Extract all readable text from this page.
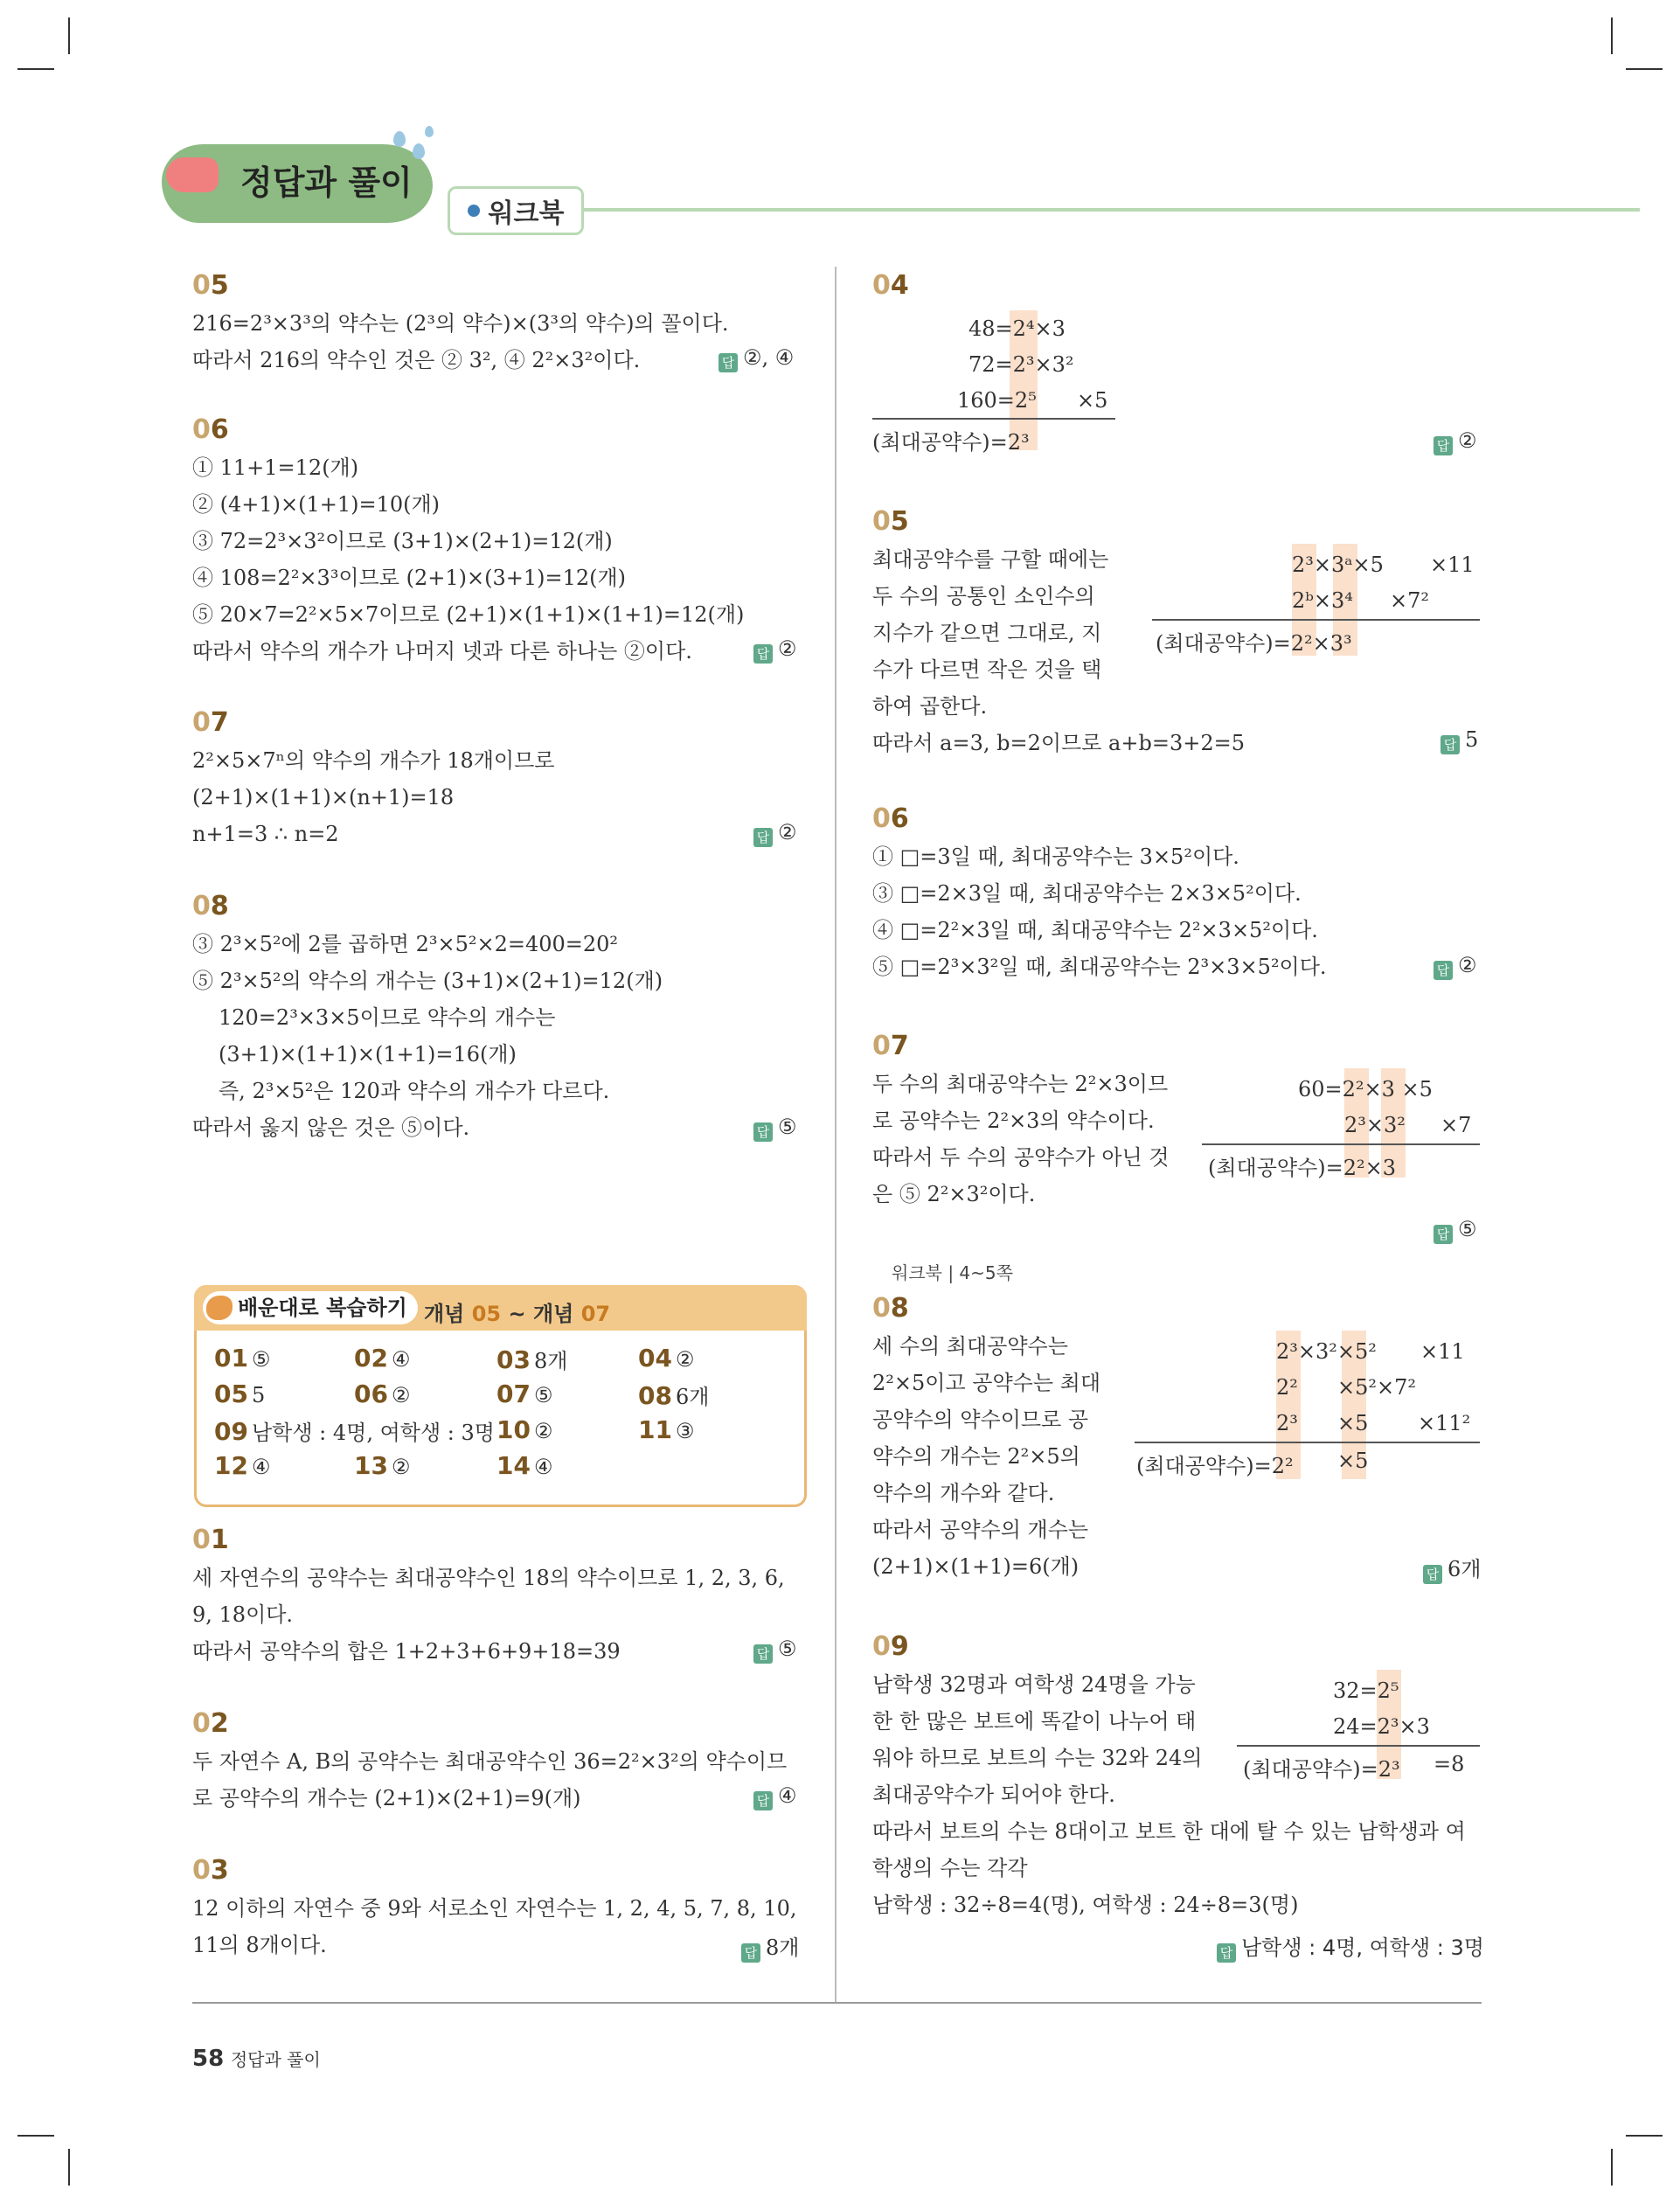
정답과 풀이
워크북
05
216=2³×3³의 약수는 (2³의 약수)×(3³의 약수)의 꼴이다.
따라서 216의 약수인 것은 ② 3², ④ 2²×3²이다.	답 ②, ④
06
① 11+1=12(개)
② (4+1)×(1+1)=10(개)
③ 72=2³×3²이므로 (3+1)×(2+1)=12(개)
④ 108=2²×3³이므로 (2+1)×(3+1)=12(개)
⑤ 20×7=2²×5×7이므로 (2+1)×(1+1)×(1+1)=12(개)
따라서 약수의 개수가 나머지 넷과 다른 하나는 ②이다.	답 ②
07
2²×5×7ⁿ의 약수의 개수가 18개이므로
(2+1)×(1+1)×(n+1)=18
n+1=3 ∴ n=2	답 ②
08
③ 2³×5²에 2를 곱하면 2³×5²×2=400=20²
⑤ 2³×5²의 약수의 개수는 (3+1)×(2+1)=12(개)
120=2³×3×5이므로 약수의 개수는
(3+1)×(1+1)×(1+1)=16(개)
즉, 2³×5²은 120과 약수의 개수가 다르다.
따라서 옳지 않은 것은 ⑤이다.	답 ⑤
워크북 | 4~5쪽
배운대로 복습하기 개념 05 ~ 개념 07
01 ⑤	02 ④	03 8개	04 ②
05 5	06 ②	07 ⑤	08 6개
09 남학생 : 4명, 여학생 : 3명 10 ②	11 ③
12 ④	13 ②	14 ④
01
세 자연수의 공약수는 최대공약수인 18의 약수이므로 1, 2, 3, 6,
9, 18이다.
따라서 공약수의 합은 1+2+3+6+9+18=39	답 ⑤
02
두 자연수 A, B의 공약수는 최대공약수인 36=2²×3²의 약수이므
로 공약수의 개수는 (2+1)×(2+1)=9(개)	답 ④
03
12 이하의 자연수 중 9와 서로소인 자연수는 1, 2, 4, 5, 7, 8, 10,
11의 8개이다.	답 8개
04
48=2⁴×3
72=2³×3²
160=2⁵ ×5
(최대공약수)=2³	답 ②
05
최대공약수를 구할 때에는
두 수의 공통인 소인수의
지수가 같으면 그대로, 지
수가 다르면 작은 것을 택
하여 곱한다.
따라서 a=3, b=2이므로 a+b=3+2=5
2³×3ᵃ×5 ×11
2ᵇ×3⁴ ×7²
(최대공약수)=2²×3³
답 5
06
① □=3일 때, 최대공약수는 3×5²이다.
③ □=2×3일 때, 최대공약수는 2×3×5²이다.
④ □=2²×3일 때, 최대공약수는 2²×3×5²이다.
⑤ □=2³×3²일 때, 최대공약수는 2³×3×5²이다.	답 ②
07
두 수의 최대공약수는 2²×3이므
로 공약수는 2²×3의 약수이다.
따라서 두 수의 공약수가 아닌 것
은 ⑤ 2²×3²이다.
60=2²×3 ×5
2³×3² ×7
(최대공약수)=2²×3
답 ⑤
08
세 수의 최대공약수는
2²×5이고 공약수는 최대
공약수의 약수이므로 공
약수의 개수는 2²×5의
약수의 개수와 같다.
따라서 공약수의 개수는
(2+1)×(1+1)=6(개)
2³×3²×5² ×11
2² ×5²×7²
2³ ×5 ×11²
(최대공약수)=2² ×5
답 6개
09
남학생 32명과 여학생 24명을 가능
한 한 많은 보트에 똑같이 나누어 태
워야 하므로 보트의 수는 32와 24의
최대공약수가 되어야 한다.
따라서 보트의 수는 8대이고 보트 한 대에 탈 수 있는 남학생과 여
학생의 수는 각각
남학생 : 32÷8=4(명), 여학생 : 24÷8=3(명)
32=2⁵
24=2³×3
(최대공약수)=2³ =8
답 남학생 : 4명, 여학생 : 3명
58 정답과 풀이
